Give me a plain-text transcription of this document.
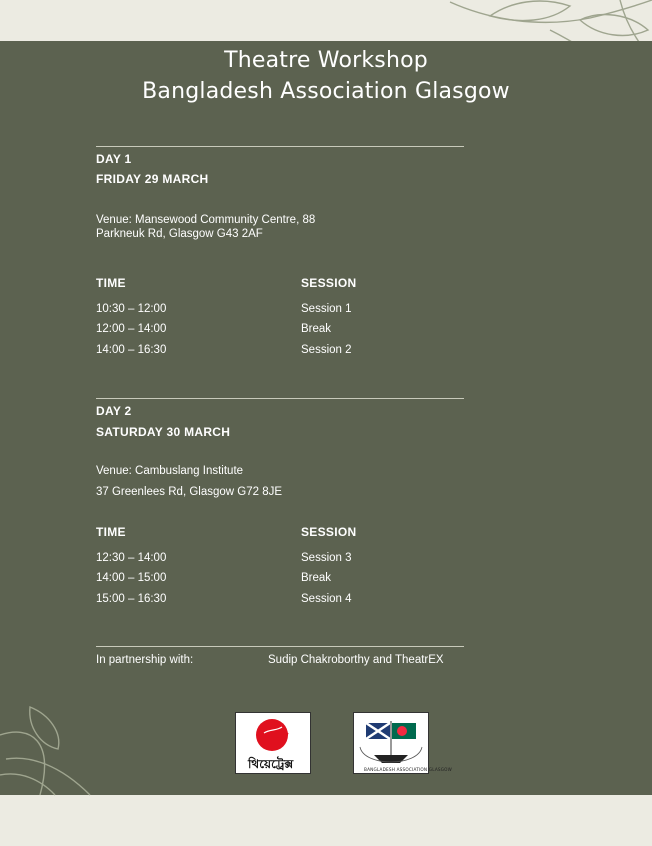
Theatre Workshop
Bangladesh Association Glasgow
DAY 1
FRIDAY 29 MARCH
Venue: Mansewood Community Centre, 88 Parkneuk Rd, Glasgow G43 2AF
TIME	SESSION
10:30 – 12:00	Session 1
12:00 – 14:00	Break
14:00 – 16:30	Session 2
DAY 2
SATURDAY 30 MARCH
Venue: Cambuslang Institute
37 Greenlees Rd, Glasgow G72 8JE
TIME	SESSION
12:30 – 14:00	Session 3
14:00 – 15:00	Break
15:00 – 16:30	Session 4
In partnership with:	Sudip Chakroborthy and TheatrEX
থিয়েট্রেক্স	BANGLADESH ASSOCIATION GLASGOW
